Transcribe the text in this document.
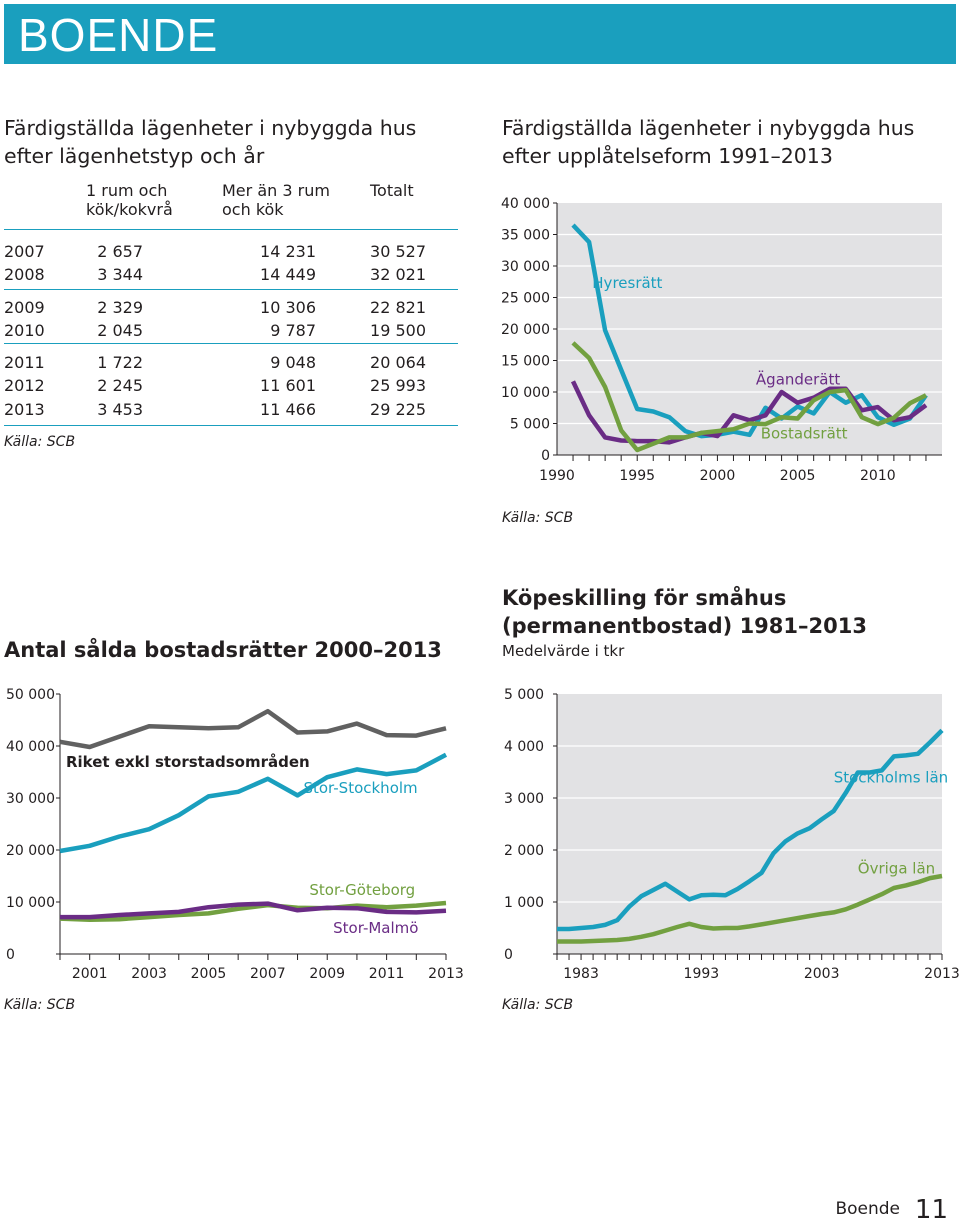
BOENDE
Färdigställda lägenheter i nybyggda hus
efter lägenhetstyp och år
1 rum och
kök/kokvrå
Mer än 3 rum
och kök
Totalt
2007	2 657	14 231	30 527
2008	3 344	14 449	32 021
2009	2 329	10 306	22 821
2010	2 045	9 787	19 500
2011	1 722	9 048	20 064
2012	2 245	11 601	25 993
2013	3 453	11 466	29 225
Källa: SCB
Färdigställda lägenheter i nybyggda hus
efter upplåtelseform 1991–2013
0
5 000
10 000
15 000
20 000
25 000
30 000
35 000
40 000
1990	1995	2000	2005	2010
Hyresrätt
Äganderätt
Bostadsrätt
Källa: SCB
Antal sålda bostadsrätter 2000–2013
0
10 000
20 000
30 000
40 000
50 000
2001 2003 2005 2007 2009 2011 2013
Riket exkl storstadsområden
Stor-Stockholm
Stor-Göteborg
Stor-Malmö
Källa: SCB
Köpeskilling för småhus
(permanentbostad) 1981–2013
Medelvärde i tkr
0
1 000
2 000
3 000
4 000
5 000
1983	1993	2003	2013
Stockholms län
Övriga län
Källa: SCB
Boende 11
